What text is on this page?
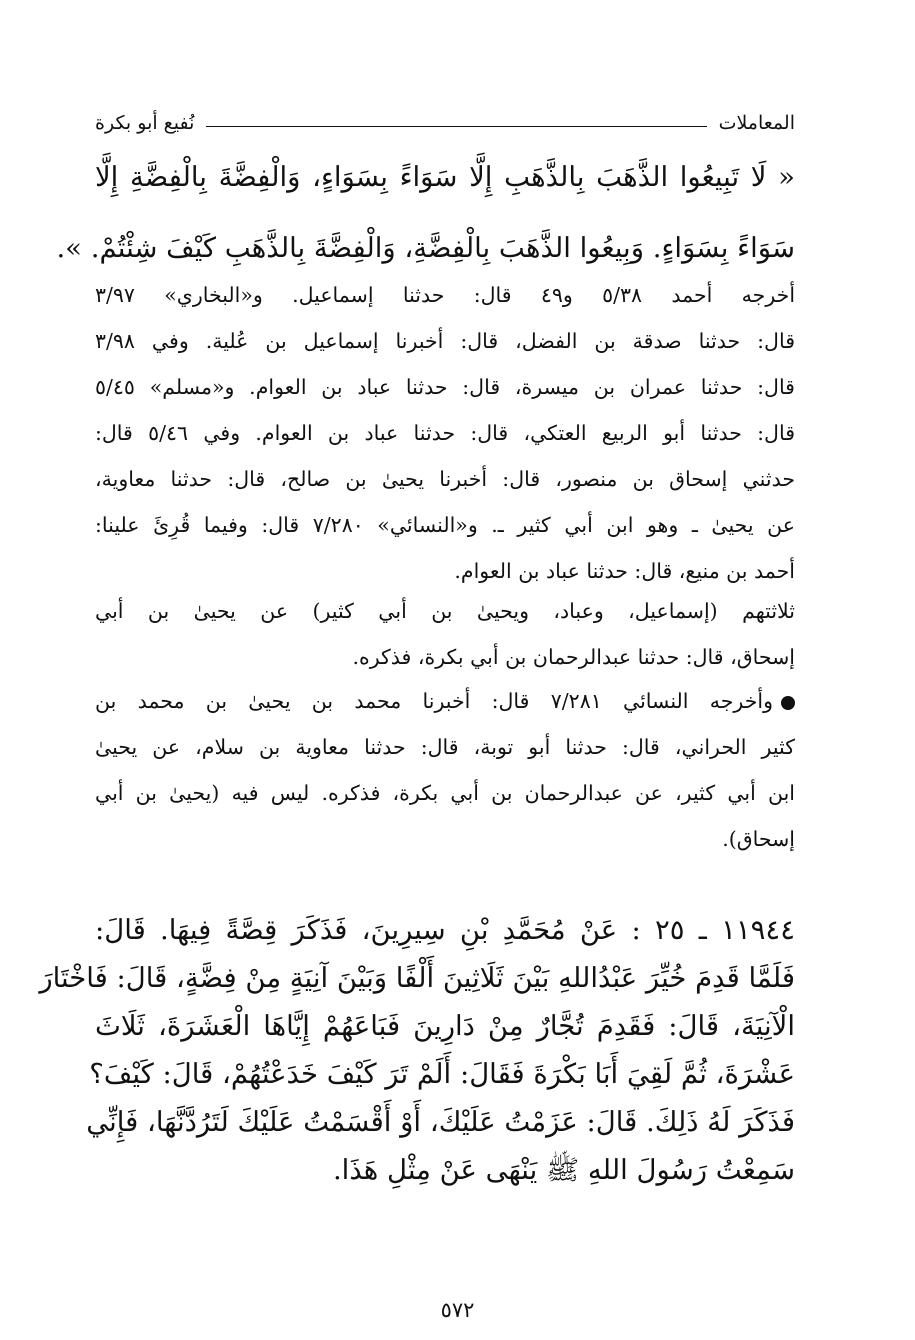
المعاملات
نُفيع أبو بكرة
« لَا تَبِيعُوا الذَّهَبَ بِالذَّهَبِ إِلَّا سَوَاءً بِسَوَاءٍ، وَالْفِضَّةَ بِالْفِضَّةِ إِلَّا
سَوَاءً بِسَوَاءٍ. وَبِيعُوا الذَّهَبَ بِالْفِضَّةِ، وَالْفِضَّةَ بِالذَّهَبِ كَيْفَ شِئْتُمْ. ».
أخرجه أحمد ٥/٣٨ و٤٩ قال: حدثنا إسماعيل. و«البخاري» ٣/٩٧
قال: حدثنا صدقة بن الفضل، قال: أخبرنا إسماعيل بن عُلية. وفي ٣/٩٨
قال: حدثنا عمران بن ميسرة، قال: حدثنا عباد بن العوام. و«مسلم» ٥/٤٥
قال: حدثنا أبو الربيع العتكي، قال: حدثنا عباد بن العوام. وفي ٥/٤٦ قال:
حدثني إسحاق بن منصور، قال: أخبرنا يحيىٰ بن صالح، قال: حدثنا معاوية،
عن يحيىٰ ـ وهو ابن أبي كثير ـ. و«النسائي» ٧/٢٨٠ قال: وفيما قُرِئَ علينا:
أحمد بن منيع، قال: حدثنا عباد بن العوام.
ثلاثتهم (إسماعيل، وعباد، ويحيىٰ بن أبي كثير) عن يحيىٰ بن أبي
إسحاق، قال: حدثنا عبدالرحمان بن أبي بكرة، فذكره.
وأخرجه النسائي ٧/٢٨١ قال: أخبرنا محمد بن يحيىٰ بن محمد بن
كثير الحراني، قال: حدثنا أبو توبة، قال: حدثنا معاوية بن سلام، عن يحيىٰ
ابن أبي كثير، عن عبدالرحمان بن أبي بكرة، فذكره. ليس فيه (يحيىٰ بن أبي
إسحاق).
١١٩٤٤ ـ ٢٥ : عَنْ مُحَمَّدِ بْنِ سِيرِينَ، فَذَكَرَ قِصَّةً فِيهَا. قَالَ:
فَلَمَّا قَدِمَ خُيِّرَ عَبْدُاللهِ بَيْنَ ثَلَاثِينَ أَلْفًا وَبَيْنَ آنِيَةٍ مِنْ فِضَّةٍ، قَالَ: فَاخْتَارَ
الْآنِيَةَ، قَالَ: فَقَدِمَ تُجَّارٌ مِنْ دَارِينَ فَبَاعَهُمْ إِيَّاهَا الْعَشَرَةَ، ثَلَاثَ
عَشْرَةَ، ثُمَّ لَقِيَ أَبَا بَكْرَةَ فَقَالَ: أَلَمْ تَرَ كَيْفَ خَدَعْتُهُمْ، قَالَ: كَيْفَ؟
فَذَكَرَ لَهُ ذَلِكَ. قَالَ: عَزَمْتُ عَلَيْكَ، أَوْ أَقْسَمْتُ عَلَيْكَ لَتَرُدَّنَّهَا، فَإِنِّي
سَمِعْتُ رَسُولَ اللهِ ﷺ يَنْهَى عَنْ مِثْلِ هَذَا.
٥٧٢
